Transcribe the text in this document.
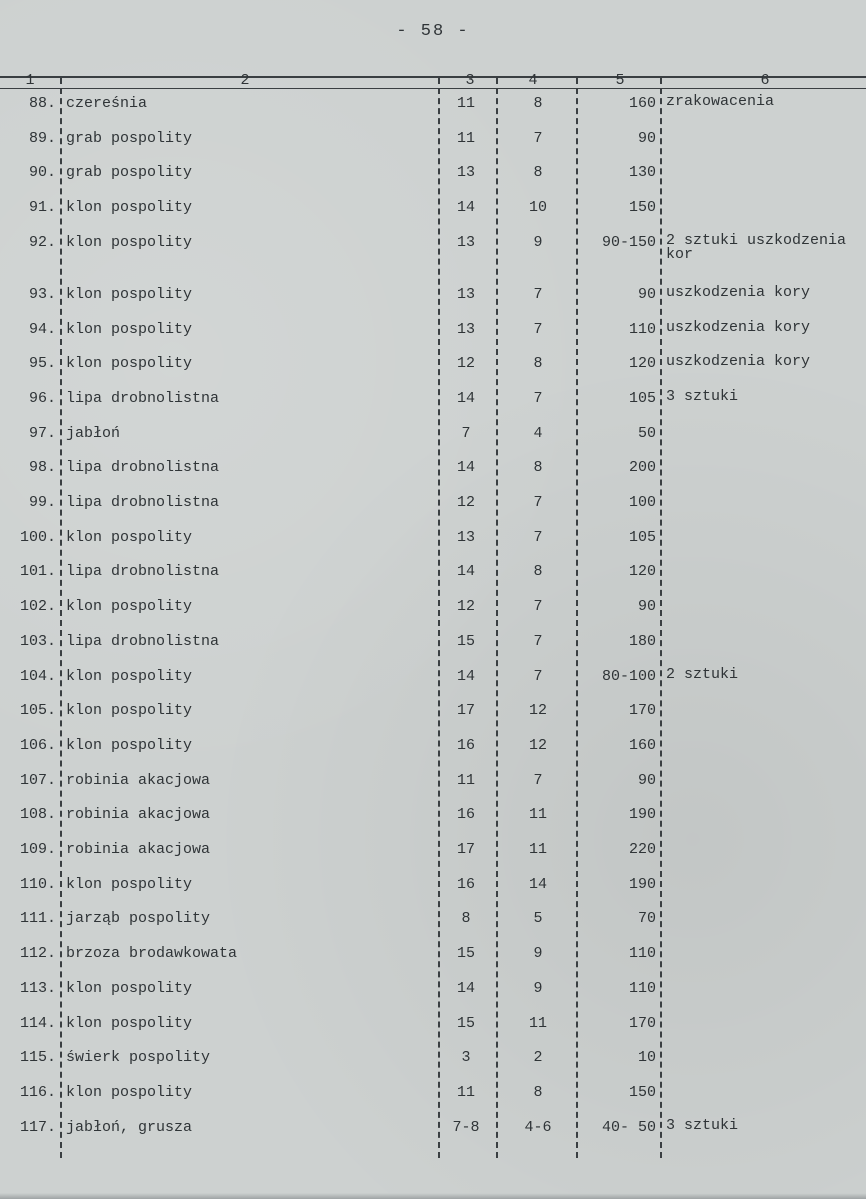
- 58 -
1	2	3	4	5	6
88. czereśnia	11	8	160 zrakowacenia
89. grab pospolity	11	7	90
90. grab pospolity	13	8	130
91. klon pospolity	14	10	150
92. klon pospolity	13	9	90-150 2 sztuki uszkodzenia kor
93. klon pospolity	13	7	90 uszkodzenia kory
94. klon pospolity	13	7	110 uszkodzenia kory
95. klon pospolity	12	8	120 uszkodzenia kory
96. lipa drobnolistna	14	7	105 3 sztuki
97. jabłoń	7	4	50
98. lipa drobnolistna	14	8	200
99. lipa drobnolistna	12	7	100
100. klon pospolity	13	7	105
101. lipa drobnolistna	14	8	120
102. klon pospolity	12	7	90
103. lipa drobnolistna	15	7	180
104. klon pospolity	14	7	80-100 2 sztuki
105. klon pospolity	17	12	170
106. klon pospolity	16	12	160
107. robinia akacjowa	11	7	90
108. robinia akacjowa	16	11	190
109. robinia akacjowa	17	11	220
110. klon pospolity	16	14	190
111. jarząb pospolity	8	5	70
112. brzoza brodawkowata	15	9	110
113. klon pospolity	14	9	110
114. klon pospolity	15	11	170
115. świerk pospolity	3	2	10
116. klon pospolity	11	8	150
117. jabłoń, grusza	7-8	4-6	40- 50 3 sztuki
